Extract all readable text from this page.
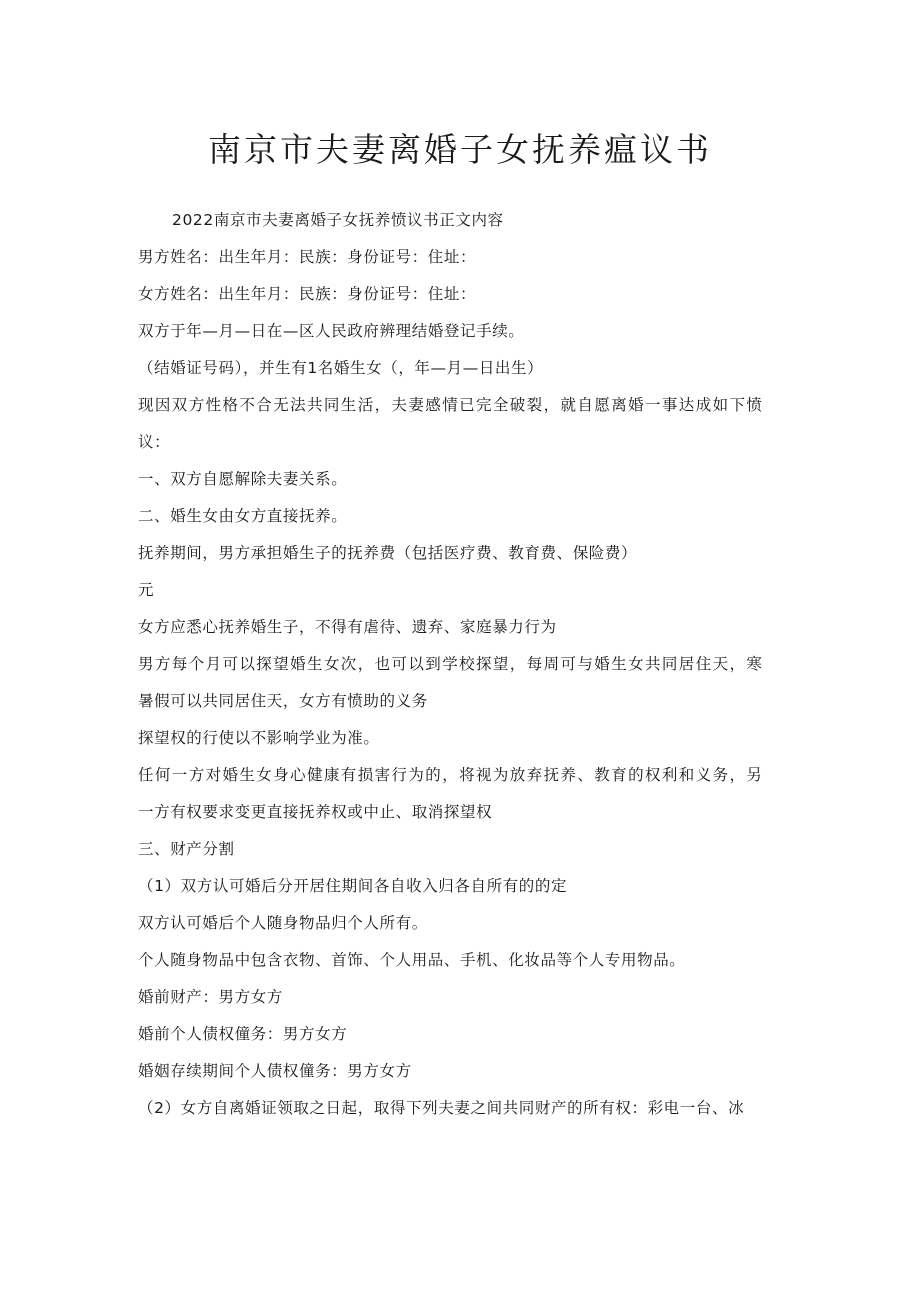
南京市夫妻离婚子女抚养瘟议书
2022南京市夫妻离婚子女抚养愤议书正文内容
男方姓名：出生年月：民族：身份证号：住址：
女方姓名：出生年月：民族：身份证号：住址：
双方于年—月—日在—区人民政府辨理结婚登记手续。
（结婚证号码），并生有1名婚生女（，年—月—日出生）
现因双方性格不合无法共同生活，夫妻感情已完全破裂，就自愿离婚一事达成如下愤
议：
一、双方自愿解除夫妻关系。
二、婚生女由女方直接抚养。
抚养期间，男方承担婚生子的抚养费（包括医疗费、教育费、保险费）
元
女方应悉心抚养婚生子，不得有虐待、遗弃、家庭暴力行为
男方每个月可以探望婚生女次，也可以到学校探望，每周可与婚生女共同居住天，寒
暑假可以共同居住天，女方有愤助的义务
探望权的行使以不影响学业为准。
任何一方对婚生女身心健康有损害行为的，将视为放弃抚养、教育的权利和义务，另
一方有权要求变更直接抚养权或中止、取消探望权
三、财产分割
（1）双方认可婚后分开居住期间各自收入归各自所有的的定
双方认可婚后个人随身物品归个人所有。
个人随身物品中包含衣物、首饰、个人用品、手机、化妆品等个人专用物品。
婚前财产：男方女方
婚前个人债权僮务：男方女方
婚姻存续期间个人债权僮务：男方女方
（2）女方自离婚证领取之日起，取得下列夫妻之间共同财产的所有权：彩电一台、冰
